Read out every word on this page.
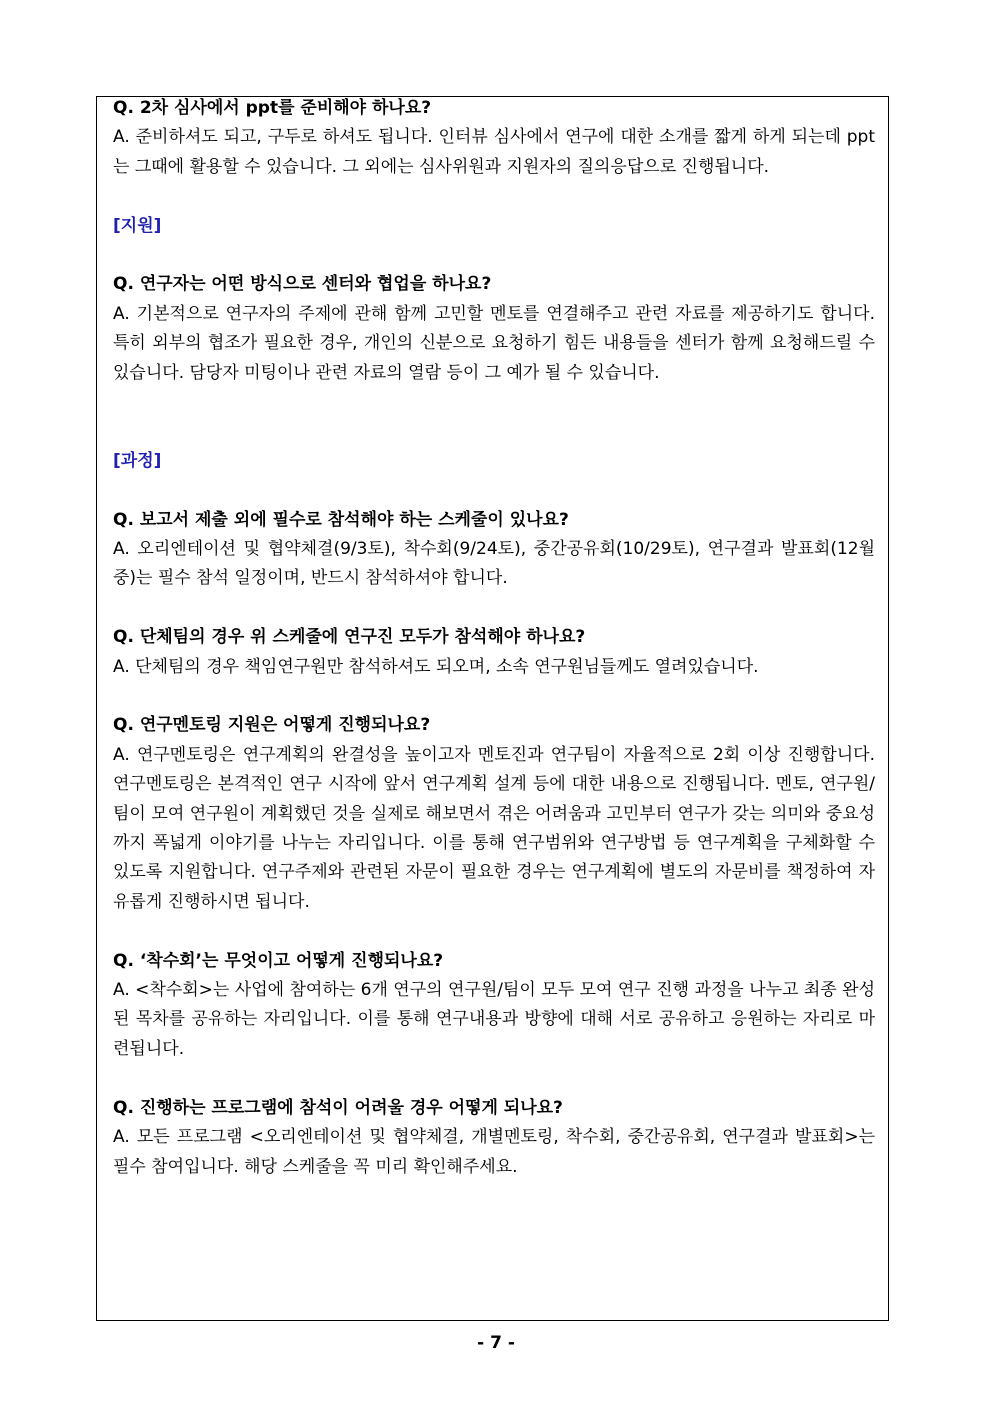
Q. 2차 심사에서 ppt를 준비해야 하나요?

A. 준비하셔도 되고, 구두로 하셔도 됩니다. 인터뷰 심사에서 연구에 대한 소개를 짧게 하게 되는데 ppt는 그때에 활용할 수 있습니다. 그 외에는 심사위원과 지원자의 질의응답으로 진행됩니다.

[지원]

Q. 연구자는 어떤 방식으로 센터와 협업을 하나요?

A. 기본적으로 연구자의 주제에 관해 함께 고민할 멘토를 연결해주고 관련 자료를 제공하기도 합니다. 특히 외부의 협조가 필요한 경우, 개인의 신분으로 요청하기 힘든 내용들을 센터가 함께 요청해드릴 수 있습니다. 담당자 미팅이나 관련 자료의 열람 등이 그 예가 될 수 있습니다.

[과정]

Q. 보고서 제출 외에 필수로 참석해야 하는 스케줄이 있나요?

A. 오리엔테이션 및 협약체결(9/3토), 착수회(9/24토), 중간공유회(10/29토), 연구결과 발표회(12월 중)는 필수 참석 일정이며, 반드시 참석하셔야 합니다.

Q. 단체팀의 경우 위 스케줄에 연구진 모두가 참석해야 하나요?

A. 단체팀의 경우 책임연구원만 참석하셔도 되오며, 소속 연구원님들께도 열려있습니다.

Q. 연구멘토링 지원은 어떻게 진행되나요?

A. 연구멘토링은 연구계획의 완결성을 높이고자 멘토진과 연구팀이 자율적으로 2회 이상 진행합니다. 연구멘토링은 본격적인 연구 시작에 앞서 연구계획 설계 등에 대한 내용으로 진행됩니다. 멘토, 연구원/팀이 모여 연구원이 계획했던 것을 실제로 해보면서 겪은 어려움과 고민부터 연구가 갖는 의미와 중요성까지 폭넓게 이야기를 나누는 자리입니다. 이를 통해 연구범위와 연구방법 등 연구계획을 구체화할 수 있도록 지원합니다. 연구주제와 관련된 자문이 필요한 경우는 연구계획에 별도의 자문비를 책정하여 자유롭게 진행하시면 됩니다.

Q. ‘착수회’는 무엇이고 어떻게 진행되나요?

A. <착수회>는 사업에 참여하는 6개 연구의 연구원/팀이 모두 모여 연구 진행 과정을 나누고 최종 완성된 목차를 공유하는 자리입니다. 이를 통해 연구내용과 방향에 대해 서로 공유하고 응원하는 자리로 마련됩니다.

Q. 진행하는 프로그램에 참석이 어려울 경우 어떻게 되나요?

A. 모든 프로그램 <오리엔테이션 및 협약체결, 개별멘토링, 착수회, 중간공유회, 연구결과 발표회>는 필수 참여입니다. 해당 스케줄을 꼭 미리 확인해주세요.

- 7 -
